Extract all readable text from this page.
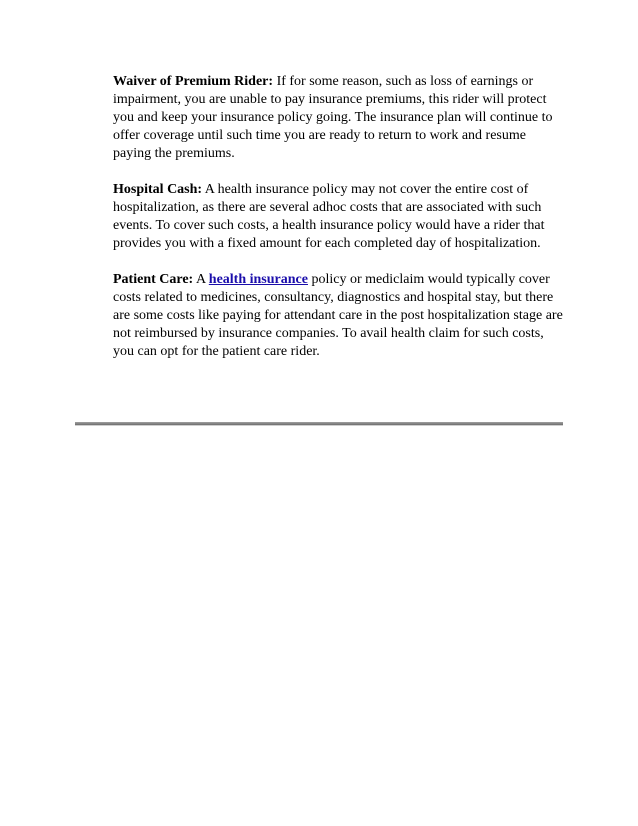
Waiver of Premium Rider: If for some reason, such as loss of earnings or impairment, you are unable to pay insurance premiums, this rider will protect you and keep your insurance policy going. The insurance plan will continue to offer coverage until such time you are ready to return to work and resume paying the premiums.

Hospital Cash: A health insurance policy may not cover the entire cost of hospitalization, as there are several adhoc costs that are associated with such events. To cover such costs, a health insurance policy would have a rider that provides you with a fixed amount for each completed day of hospitalization.

Patient Care: A health insurance policy or mediclaim would typically cover costs related to medicines, consultancy, diagnostics and hospital stay, but there are some costs like paying for attendant care in the post hospitalization stage are not reimbursed by insurance companies. To avail health claim for such costs, you can opt for the patient care rider.
